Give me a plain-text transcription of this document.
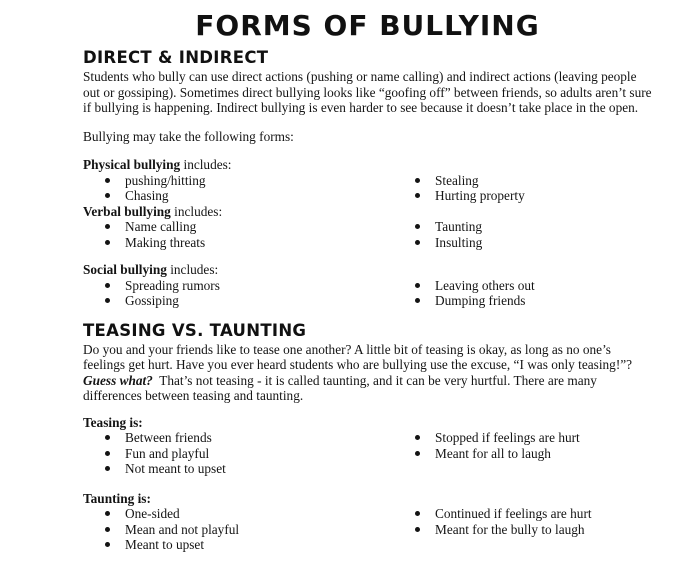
FORMS OF BULLYING
DIRECT & INDIRECT

Students who bully can use direct actions (pushing or name calling) and indirect actions (leaving people out or gossiping). Sometimes direct bullying looks like “goofing off” between friends, so adults aren’t sure if bullying is happening. Indirect bullying is even harder to see because it doesn’t take place in the open.

Bullying may take the following forms:

Physical bullying includes:

pushing/hitting
Chasing
Stealing
Hurting property

Verbal bullying includes:

Name calling
Making threats
Taunting
Insulting

Social bullying includes:

Spreading rumors
Gossiping
Leaving others out
Dumping friends
TEASING VS. TAUNTING

Do you and your friends like to tease one another? A little bit of teasing is okay, as long as no one’s feelings get hurt. Have you ever heard students who are bullying use the excuse, “I was only teasing!”? Guess what?  That’s not teasing - it is called taunting, and it can be very hurtful. There are many differences between teasing and taunting.

Teasing is:

Between friends
Fun and playful
Not meant to upset
Stopped if feelings are hurt
Meant for all to laugh

Taunting is:

One-sided
Mean and not playful
Meant to upset
Continued if feelings are hurt
Meant for the bully to laugh
